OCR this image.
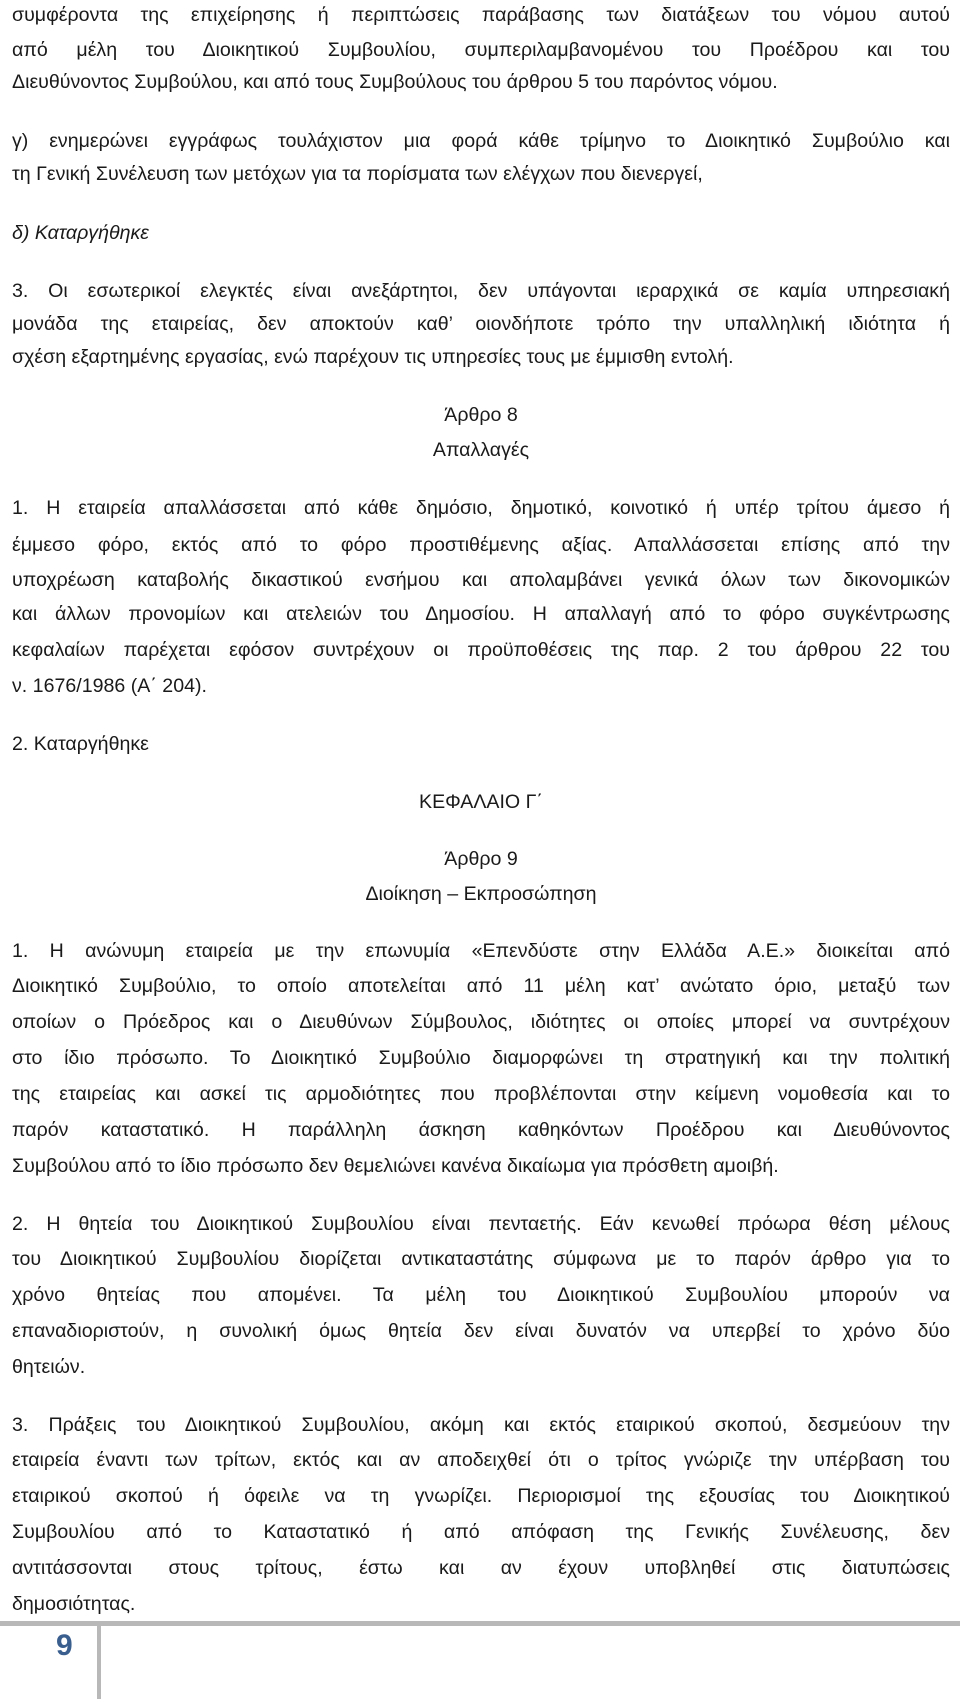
συμφέροντα της επιχείρησης ή περιπτώσεις παράβασης των διατάξεων του νόμου αυτού
από μέλη του Διοικητικού Συμβουλίου, συμπεριλαμβανομένου του Προέδρου και του
Διευθύνοντος Συμβούλου, και από τους Συμβούλους του άρθρου 5 του παρόντος νόμου.
γ) ενημερώνει εγγράφως τουλάχιστον μια φορά κάθε τρίμηνο το Διοικητικό Συμβούλιο και
τη Γενική Συνέλευση των μετόχων για τα πορίσματα των ελέγχων που διενεργεί,
δ) Καταργήθηκε
3. Οι εσωτερικοί ελεγκτές είναι ανεξάρτητοι, δεν υπάγονται ιεραρχικά σε καμία υπηρεσιακή
μονάδα της εταιρείας, δεν αποκτούν καθ’ οιονδήποτε τρόπο την υπαλληλική ιδιότητα ή
σχέση εξαρτημένης εργασίας, ενώ παρέχουν τις υπηρεσίες τους με έμμισθη εντολή.
Άρθρο 8
Απαλλαγές
1. Η εταιρεία απαλλάσσεται από κάθε δημόσιο, δημοτικό, κοινοτικό ή υπέρ τρίτου άμεσο ή
έμμεσο φόρο, εκτός από το φόρο προστιθέμενης αξίας. Απαλλάσσεται επίσης από την
υποχρέωση καταβολής δικαστικού ενσήμου και απολαμβάνει γενικά όλων των δικονομικών
και άλλων προνομίων και ατελειών του Δημοσίου. Η απαλλαγή από το φόρο συγκέντρωσης
κεφαλαίων παρέχεται εφόσον συντρέχουν οι προϋποθέσεις της παρ. 2 του άρθρου 22 του
ν. 1676/1986 (Α΄ 204).
2. Καταργήθηκε
ΚΕΦΑΛΑΙΟ Γ΄
Άρθρο 9
Διοίκηση – Εκπροσώπηση
1. Η ανώνυμη εταιρεία με την επωνυμία «Επενδύστε στην Ελλάδα Α.Ε.» διοικείται από
Διοικητικό Συμβούλιο, το οποίο αποτελείται από 11 μέλη κατ’ ανώτατο όριο, μεταξύ των
οποίων ο Πρόεδρος και ο Διευθύνων Σύμβουλος, ιδιότητες οι οποίες μπορεί να συντρέχουν
στο ίδιο πρόσωπο. Το Διοικητικό Συμβούλιο διαμορφώνει τη στρατηγική και την πολιτική
της εταιρείας και ασκεί τις αρμοδιότητες που προβλέπονται στην κείμενη νομοθεσία και το
παρόν καταστατικό. Η παράλληλη άσκηση καθηκόντων Προέδρου και Διευθύνοντος
Συμβούλου από το ίδιο πρόσωπο δεν θεμελιώνει κανένα δικαίωμα για πρόσθετη αμοιβή.
2. Η θητεία του Διοικητικού Συμβουλίου είναι πενταετής. Εάν κενωθεί πρόωρα θέση μέλους
του Διοικητικού Συμβουλίου διορίζεται αντικαταστάτης σύμφωνα με το παρόν άρθρο για το
χρόνο θητείας που απομένει. Τα μέλη του Διοικητικού Συμβουλίου μπορούν να
επαναδιοριστούν, η συνολική όμως θητεία δεν είναι δυνατόν να υπερβεί το χρόνο δύο
θητειών.
3. Πράξεις του Διοικητικού Συμβουλίου, ακόμη και εκτός εταιρικού σκοπού, δεσμεύουν την
εταιρεία έναντι των τρίτων, εκτός και αν αποδειχθεί ότι ο τρίτος γνώριζε την υπέρβαση του
εταιρικού σκοπού ή όφειλε να τη γνωρίζει. Περιορισμοί της εξουσίας του Διοικητικού
Συμβουλίου από το Καταστατικό ή από απόφαση της Γενικής Συνέλευσης, δεν
αντιτάσσονται στους τρίτους, έστω και αν έχουν υποβληθεί στις διατυπώσεις
δημοσιότητας.
9
